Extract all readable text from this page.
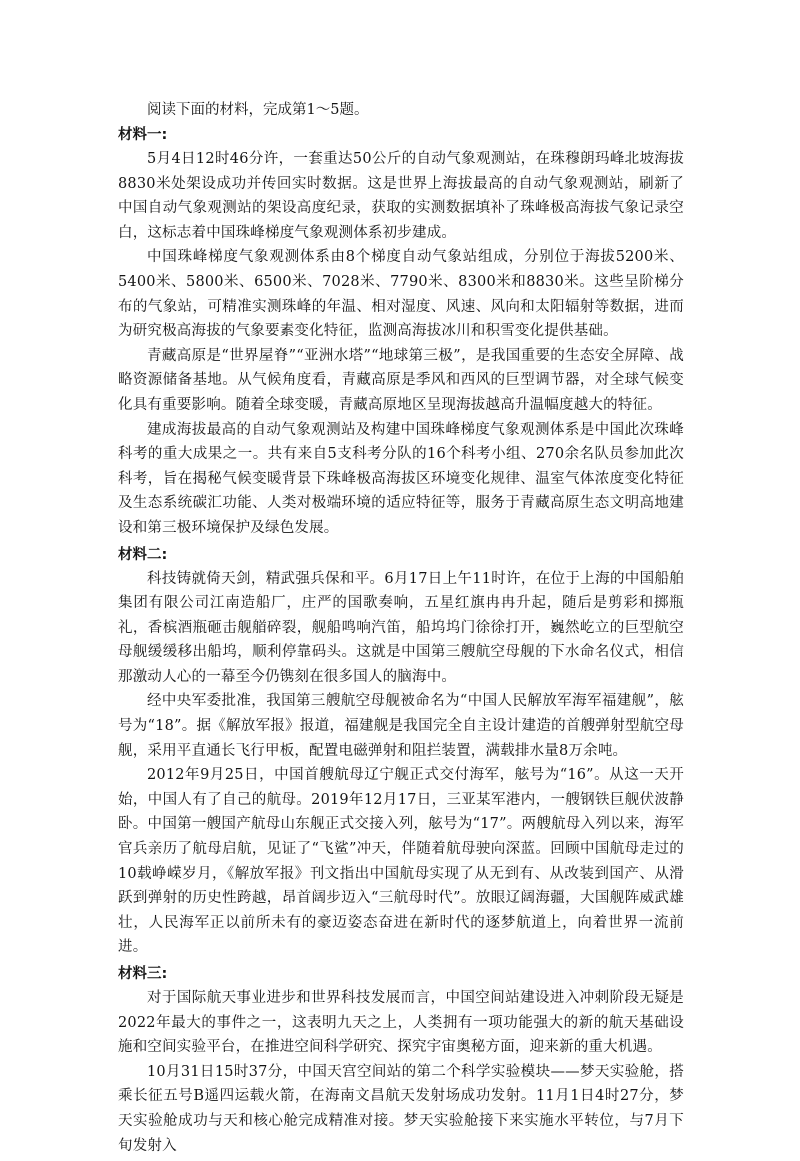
阅读下面的材料，完成第1～5题。

材料一:

5月4日12时46分许，一套重达50公斤的自动气象观测站，在珠穆朗玛峰北坡海拔8830米处架设成功并传回实时数据。这是世界上海拔最高的自动气象观测站，刷新了中国自动气象观测站的架设高度纪录，获取的实测数据填补了珠峰极高海拔气象记录空白，这标志着中国珠峰梯度气象观测体系初步建成。

中国珠峰梯度气象观测体系由8个梯度自动气象站组成，分别位于海拔5200米、5400米、5800米、6500米、7028米、7790米、8300米和8830米。这些呈阶梯分布的气象站，可精准实测珠峰的年温、相对湿度、风速、风向和太阳辐射等数据，进而为研究极高海拔的气象要素变化特征，监测高海拔冰川和积雪变化提供基础。

青藏高原是“世界屋脊”“亚洲水塔”“地球第三极”，是我国重要的生态安全屏障、战略资源储备基地。从气候角度看，青藏高原是季风和西风的巨型调节器，对全球气候变化具有重要影响。随着全球变暖，青藏高原地区呈现海拔越高升温幅度越大的特征。

建成海拔最高的自动气象观测站及构建中国珠峰梯度气象观测体系是中国此次珠峰科考的重大成果之一。共有来自5支科考分队的16个科考小组、270余名队员参加此次科考，旨在揭秘气候变暖背景下珠峰极高海拔区环境变化规律、温室气体浓度变化特征及生态系统碳汇功能、人类对极端环境的适应特征等，服务于青藏高原生态文明高地建设和第三极环境保护及绿色发展。

材料二:

科技铸就倚天剑，精武强兵保和平。6月17日上午11时许，在位于上海的中国船舶集团有限公司江南造船厂，庄严的国歌奏响，五星红旗冉冉升起，随后是剪彩和掷瓶礼，香槟酒瓶砸击舰艏碎裂，舰船鸣响汽笛，船坞坞门徐徐打开，巍然屹立的巨型航空母舰缓缓移出船坞，顺利停靠码头。这就是中国第三艘航空母舰的下水命名仪式，相信那激动人心的一幕至今仍镌刻在很多国人的脑海中。

经中央军委批准，我国第三艘航空母舰被命名为“中国人民解放军海军福建舰”，舷号为“18”。据《解放军报》报道，福建舰是我国完全自主设计建造的首艘弹射型航空母舰，采用平直通长飞行甲板，配置电磁弹射和阻拦装置，满载排水量8万余吨。

2012年9月25日，中国首艘航母辽宁舰正式交付海军，舷号为“16”。从这一天开始，中国人有了自己的航母。2019年12月17日，三亚某军港内，一艘钢铁巨舰伏波静卧。中国第一艘国产航母山东舰正式交接入列，舷号为“17”。两艘航母入列以来，海军官兵亲历了航母启航，见证了“飞鲨”冲天，伴随着航母驶向深蓝。回顾中国航母走过的10载峥嵘岁月，《解放军报》刊文指出中国航母实现了从无到有、从改装到国产、从滑跃到弹射的历史性跨越，昂首阔步迈入“三航母时代”。放眼辽阔海疆，大国舰阵威武雄壮，人民海军正以前所未有的豪迈姿态奋进在新时代的逐梦航道上，向着世界一流前进。

材料三:

对于国际航天事业进步和世界科技发展而言，中国空间站建设进入冲刺阶段无疑是2022年最大的事件之一，这表明九天之上，人类拥有一项功能强大的新的航天基础设施和空间实验平台，在推进空间科学研究、探究宇宙奥秘方面，迎来新的重大机遇。

10月31日15时37分，中国天宫空间站的第二个科学实验模块——梦天实验舱，搭乘长征五号B遥四运载火箭，在海南文昌航天发射场成功发射。11月1日4时27分，梦天实验舱成功与天和核心舱完成精准对接。梦天实验舱接下来实施水平转位，与7月下旬发射入
